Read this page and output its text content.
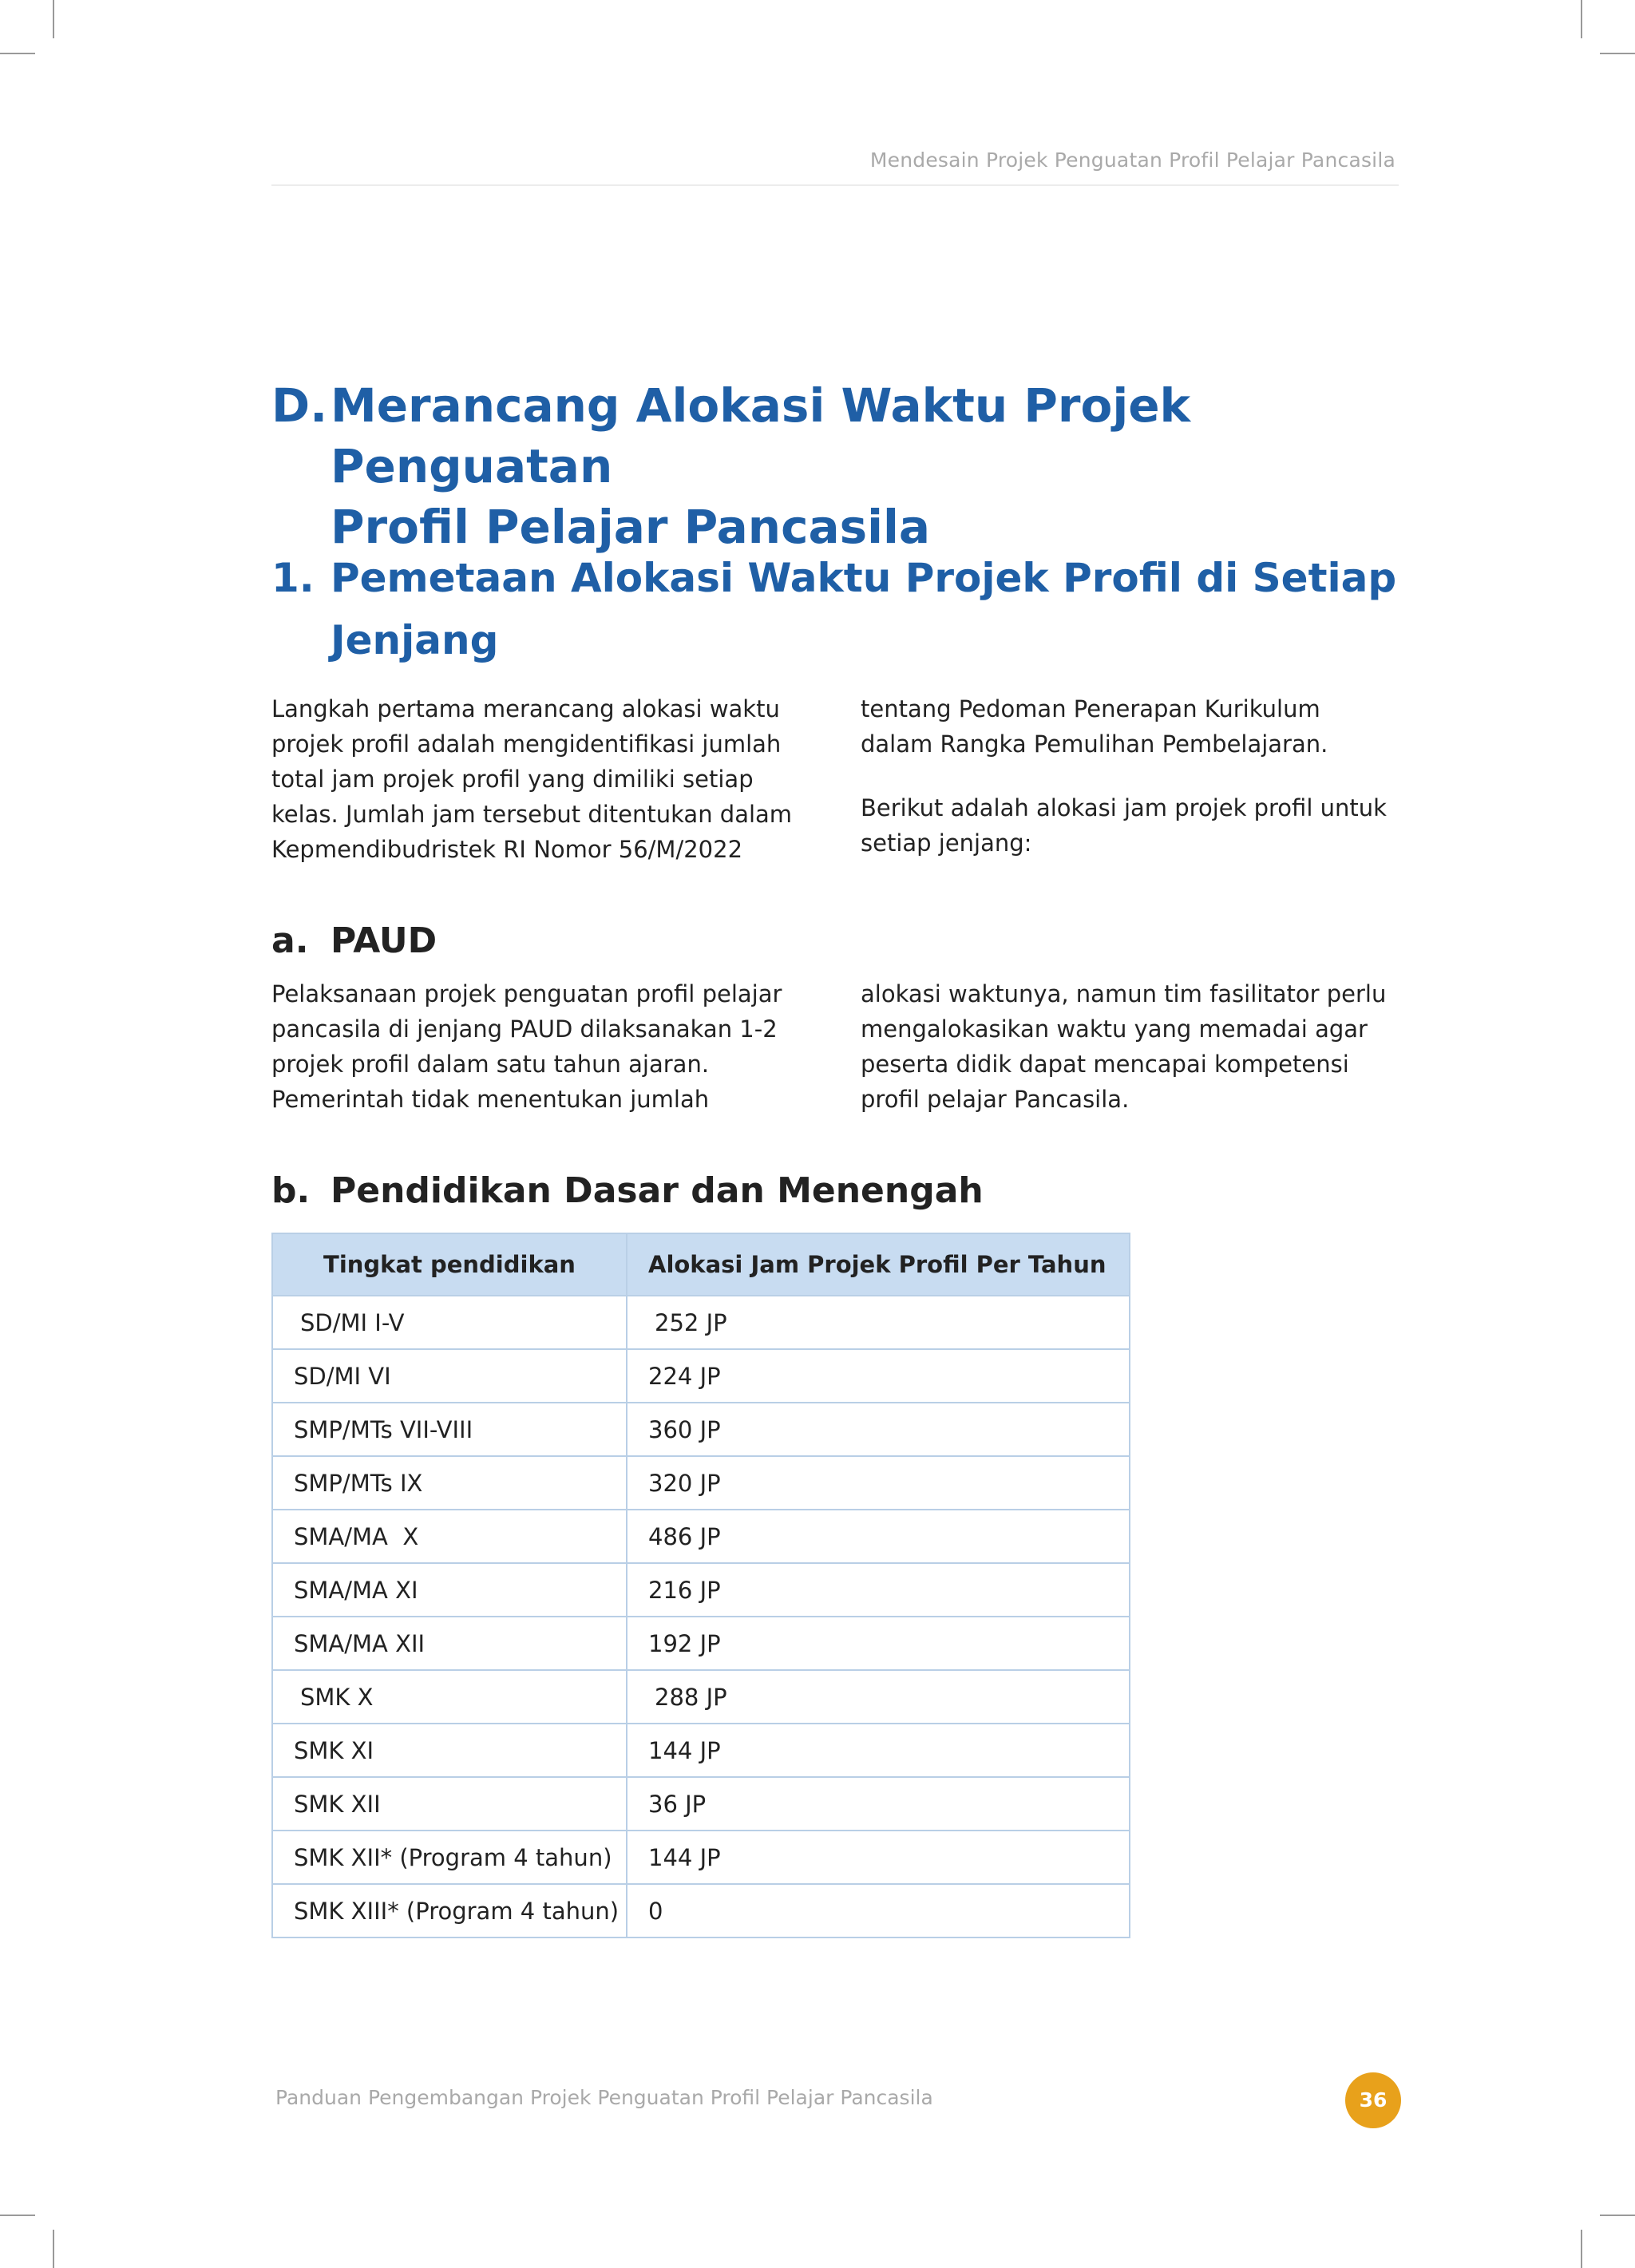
Mendesain Projek Penguatan Profil Pelajar Pancasila
D. Merancang Alokasi Waktu Projek Penguatan
Profil Pelajar Pancasila
1. Pemetaan Alokasi Waktu Projek Profil di Setiap
Jenjang

Langkah pertama merancang alokasi waktu projek profil adalah mengidentifikasi jumlah total jam projek profil yang dimiliki setiap kelas. Jumlah jam tersebut ditentukan dalam Kepmendibudristek RI Nomor 56/M/2022

tentang Pedoman Penerapan Kurikulum dalam Rangka Pemulihan Pembelajaran.

Berikut adalah alokasi jam projek profil untuk setiap jenjang:

a. PAUD

Pelaksanaan projek penguatan profil pelajar pancasila di jenjang PAUD dilaksanakan 1-2 projek profil dalam satu tahun ajaran. Pemerintah tidak menentukan jumlah

alokasi waktunya, namun tim fasilitator perlu mengalokasikan waktu yang memadai agar peserta didik dapat mencapai kompetensi profil pelajar Pancasila.

b. Pendidikan Dasar dan Menengah
Tingkat pendidikan	Alokasi Jam Projek Profil Per Tahun
SD/MI I-V	252 JP
SD/MI VI	224 JP
SMP/MTs VII-VIII	360 JP
SMP/MTs IX	320 JP
SMA/MA  X	486 JP
SMA/MA XI	216 JP
SMA/MA XII	192 JP
SMK X	288 JP
SMK XI	144 JP
SMK XII	36 JP
SMK XII* (Program 4 tahun)	144 JP
SMK XIII* (Program 4 tahun)	0
Panduan Pengembangan Projek Penguatan Profil Pelajar Pancasila	36
